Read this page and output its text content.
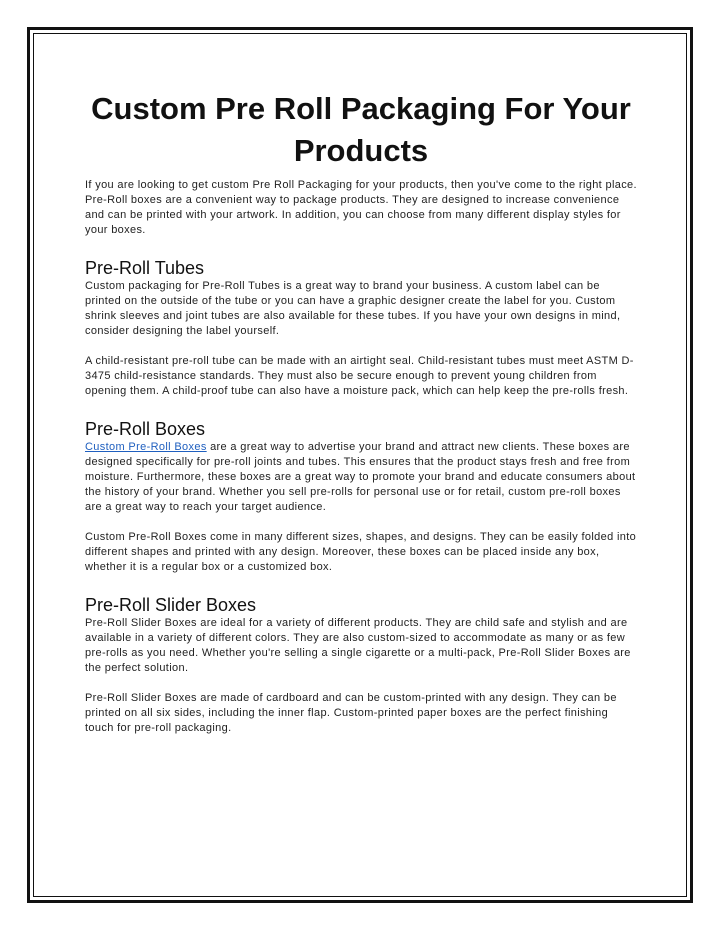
Custom Pre Roll Packaging For Your Products

If you are looking to get custom Pre Roll Packaging for your products, then you've come to the right place. Pre-Roll boxes are a convenient way to package products. They are designed to increase convenience and can be printed with your artwork. In addition, you can choose from many different display styles for your boxes.

Pre-Roll Tubes

Custom packaging for Pre-Roll Tubes is a great way to brand your business. A custom label can be printed on the outside of the tube or you can have a graphic designer create the label for you. Custom shrink sleeves and joint tubes are also available for these tubes. If you have your own designs in mind, consider designing the label yourself.

A child-resistant pre-roll tube can be made with an airtight seal. Child-resistant tubes must meet ASTM D-3475 child-resistance standards. They must also be secure enough to prevent young children from opening them. A child-proof tube can also have a moisture pack, which can help keep the pre-rolls fresh.

Pre-Roll Boxes

Custom Pre-Roll Boxes are a great way to advertise your brand and attract new clients. These boxes are designed specifically for pre-roll joints and tubes. This ensures that the product stays fresh and free from moisture. Furthermore, these boxes are a great way to promote your brand and educate consumers about the history of your brand. Whether you sell pre-rolls for personal use or for retail, custom pre-roll boxes are a great way to reach your target audience.

Custom Pre-Roll Boxes come in many different sizes, shapes, and designs. They can be easily folded into different shapes and printed with any design. Moreover, these boxes can be placed inside any box, whether it is a regular box or a customized box.

Pre-Roll Slider Boxes

Pre-Roll Slider Boxes are ideal for a variety of different products. They are child safe and stylish and are available in a variety of different colors. They are also custom-sized to accommodate as many or as few pre-rolls as you need. Whether you're selling a single cigarette or a multi-pack, Pre-Roll Slider Boxes are the perfect solution.

Pre-Roll Slider Boxes are made of cardboard and can be custom-printed with any design. They can be printed on all six sides, including the inner flap. Custom-printed paper boxes are the perfect finishing touch for pre-roll packaging.
